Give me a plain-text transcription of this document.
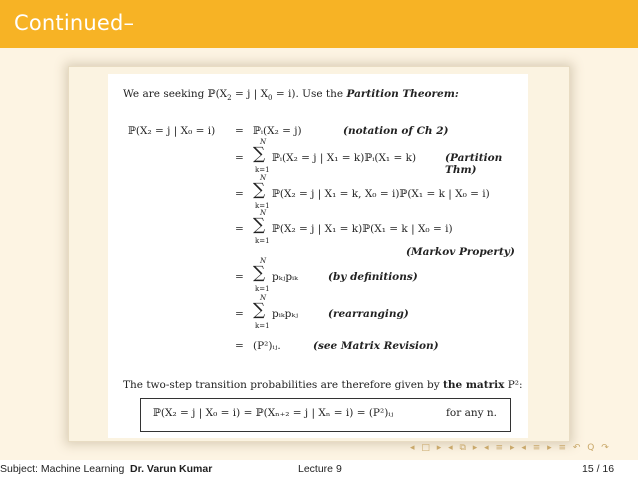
Continued–
We are seeking $ℙ(X_2 = j$ | $X_0 = i$). Use the Partition Theorem:
ℙ(X₂ = j | X₀ = i) = ℙᵢ(X₂ = j)	(notation of Ch 2)
=
N
∑
k=1
ℙᵢ(X₂ = j | X₁ = k)ℙᵢ(X₁ = k)	(Partition Thm)
=
N
∑
k=1
ℙ(X₂ = j | X₁ = k, X₀ = i)ℙ(X₁ = k | X₀ = i)
=
N
∑
k=1
ℙ(X₂ = j | X₁ = k)ℙ(X₁ = k | X₀ = i)
(Markov Property)
=
N
∑
k=1
pₖⱼpᵢₖ	(by definitions)
=
N
∑
k=1
pᵢₖpₖⱼ	(rearranging)
= (P²)ᵢⱼ.	(see Matrix Revision)
The two-step transition probabilities are therefore given by the matrix P²:
ℙ(X₂ = j | X₀ = i) = ℙ(Xₙ₊₂ = j | Xₙ = i) = (P²)ᵢⱼ	for any n.
◂ □ ▸ ◂ ⧉ ▸ ◂ ≡ ▸ ◂ ≡ ▸ ≡ ↶ Q ↷
Subject: Machine Learning Dr. Varun Kumar	Lecture 9	15 / 16
